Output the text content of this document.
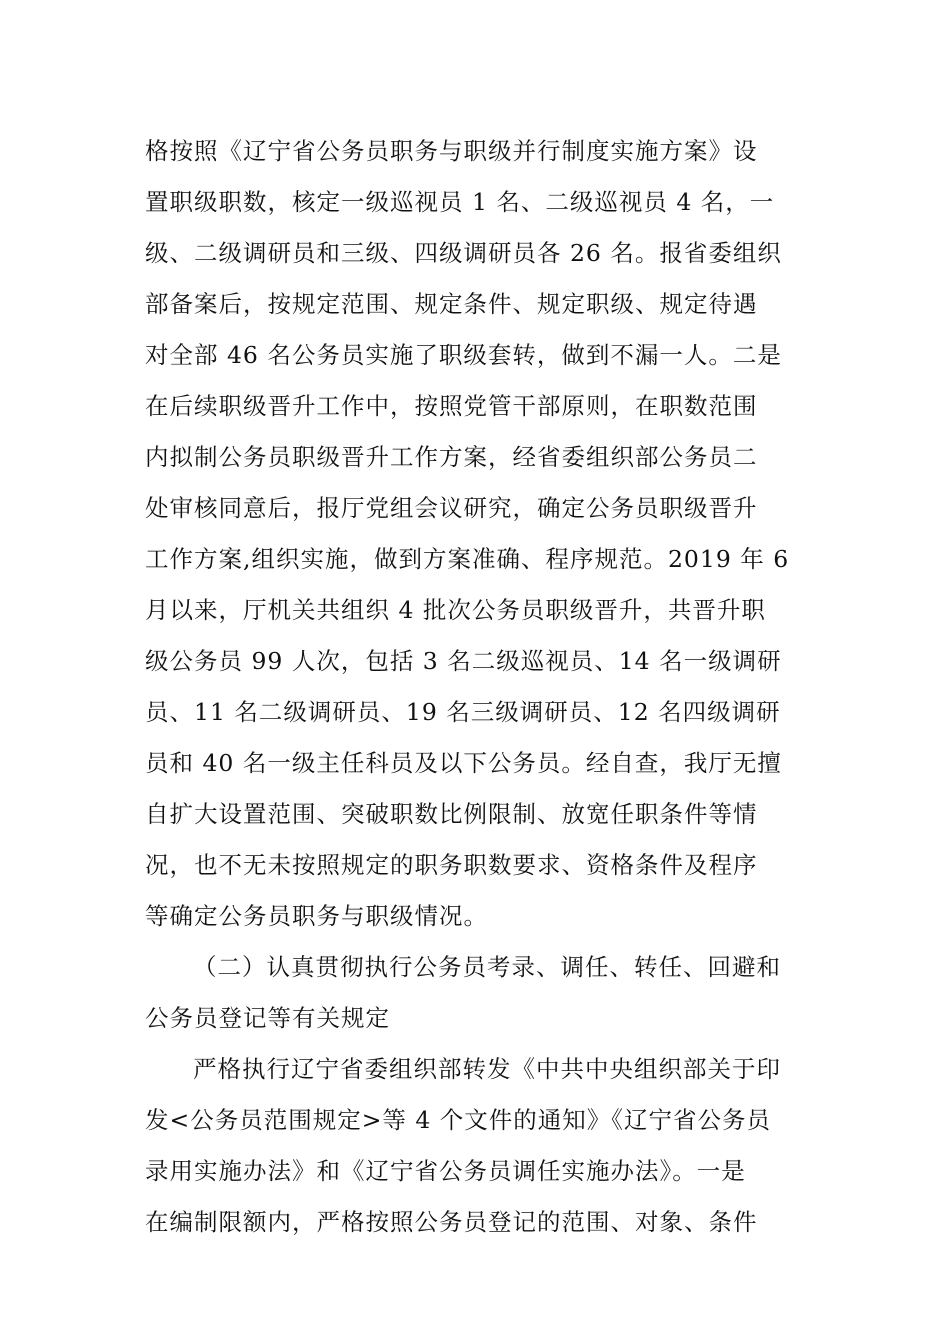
格按照《辽宁省公务员职务与职级并行制度实施方案》设
置职级职数，核定一级巡视员 1 名、二级巡视员 4 名，一
级、二级调研员和三级、四级调研员各 26 名。报省委组织
部备案后，按规定范围、规定条件、规定职级、规定待遇
对全部 46 名公务员实施了职级套转，做到不漏一人。二是
在后续职级晋升工作中，按照党管干部原则，在职数范围
内拟制公务员职级晋升工作方案，经省委组织部公务员二
处审核同意后，报厅党组会议研究，确定公务员职级晋升
工作方案,组织实施，做到方案准确、程序规范。2019 年 6
月以来，厅机关共组织 4 批次公务员职级晋升，共晋升职
级公务员 99 人次，包括 3 名二级巡视员、14 名一级调研
员、11 名二级调研员、19 名三级调研员、12 名四级调研
员和 40 名一级主任科员及以下公务员。经自查，我厅无擅
自扩大设置范围、突破职数比例限制、放宽任职条件等情
况，也不无未按照规定的职务职数要求、资格条件及程序
等确定公务员职务与职级情况。
（二）认真贯彻执行公务员考录、调任、转任、回避和
公务员登记等有关规定
严格执行辽宁省委组织部转发《中共中央组织部关于印
发<公务员范围规定>等 4 个文件的通知》《辽宁省公务员
录用实施办法》和《辽宁省公务员调任实施办法》。一是
在编制限额内，严格按照公务员登记的范围、对象、条件
